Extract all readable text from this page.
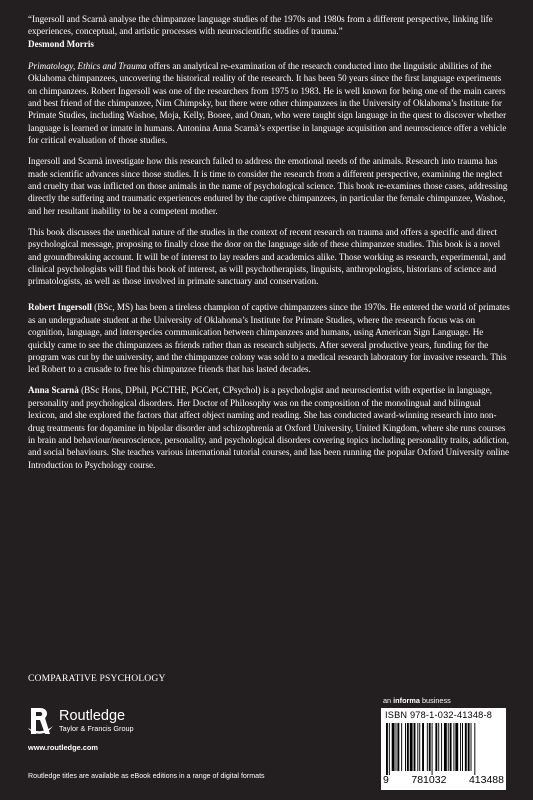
“Ingersoll and Scarnà analyse the chimpanzee language studies of the 1970s and 1980s from a different perspective, linking life experiences, conceptual, and artistic processes with neuroscientific studies of trauma.”
Desmond Morris

Primatology, Ethics and Trauma offers an analytical re-examination of the research conducted into the linguistic abilities of the Oklahoma chimpanzees, uncovering the historical reality of the research. It has been 50 years since the first language experiments on chimpanzees. Robert Ingersoll was one of the researchers from 1975 to 1983. He is well known for being one of the main carers and best friend of the chimpanzee, Nim Chimpsky, but there were other chimpanzees in the University of Oklahoma’s Institute for Primate Studies, including Washoe, Moja, Kelly, Booee, and Onan, who were taught sign language in the quest to discover whether language is learned or innate in humans. Antonina Anna Scarnà’s expertise in language acquisition and neuroscience offer a vehicle for critical evaluation of those studies.

Ingersoll and Scarnà investigate how this research failed to address the emotional needs of the animals. Research into trauma has made scientific advances since those studies. It is time to consider the research from a different perspective, examining the neglect and cruelty that was inflicted on those animals in the name of psychological science. This book re-examines those cases, addressing directly the suffering and traumatic experiences endured by the captive chimpanzees, in particular the female chimpanzee, Washoe, and her resultant inability to be a competent mother.

This book discusses the unethical nature of the studies in the context of recent research on trauma and offers a specific and direct psychological message, proposing to finally close the door on the language side of these chimpanzee studies. This book is a novel and groundbreaking account. It will be of interest to lay readers and academics alike. Those working as research, experimental, and clinical psychologists will find this book of interest, as will psychotherapists, linguists, anthropologists, historians of science and primatologists, as well as those involved in primate sanctuary and conservation.

Robert Ingersoll (BSc, MS) has been a tireless champion of captive chimpanzees since the 1970s. He entered the world of primates as an undergraduate student at the University of Oklahoma’s Institute for Primate Studies, where the research focus was on cognition, language, and interspecies communication between chimpanzees and humans, using American Sign Language. He quickly came to see the chimpanzees as friends rather than as research subjects. After several productive years, funding for the program was cut by the university, and the chimpanzee colony was sold to a medical research laboratory for invasive research. This led Robert to a crusade to free his chimpanzee friends that has lasted decades.

Anna Scarnà (BSc Hons, DPhil, PGCTHE, PGCert, CPsychol) is a psychologist and neuroscientist with expertise in language, personality and psychological disorders. Her Doctor of Philosophy was on the composition of the monolingual and bilingual lexicon, and she explored the factors that affect object naming and reading. She has conducted award-winning research into non-drug treatments for dopamine in bipolar disorder and schizophrenia at Oxford University, United Kingdom, where she runs courses in brain and behaviour/neuroscience, personality, and psychological disorders covering topics including personality traits, addiction, and social behaviours. She teaches various international tutorial courses, and has been running the popular Oxford University online Introduction to Psychology course.

COMPARATIVE PSYCHOLOGY
Routledge
Taylor & Francis Group
www.routledge.com
Routledge titles are available as eBook editions in a range of digital formats
an informa business
ISBN 978-1-032-41348-8
9 781032 413488
